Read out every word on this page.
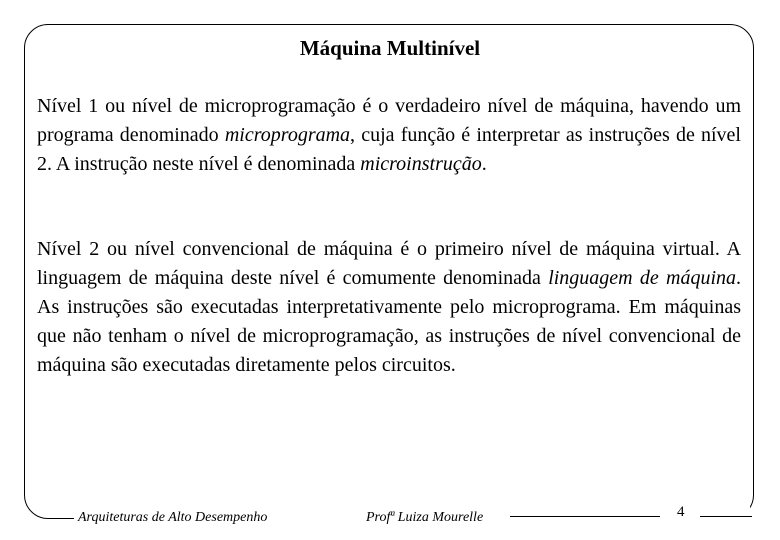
Máquina Multinível

Nível 1 ou nível de microprogramação é o verdadeiro nível de máquina, havendo um programa denominado microprograma, cuja função é interpretar as instruções de nível 2. A instrução neste nível é denominada microinstrução.

Nível 2 ou nível convencional de máquina é o primeiro nível de máquina virtual. A linguagem de máquina deste nível é comumente denominada linguagem de máquina. As instruções são executadas interpretativamente pelo microprograma. Em máquinas que não tenham o nível de microprogramação, as instruções de nível convencional de máquina são executadas diretamente pelos circuitos.

Arquiteturas de Alto Desempenho	Profª Luiza Mourelle	4
